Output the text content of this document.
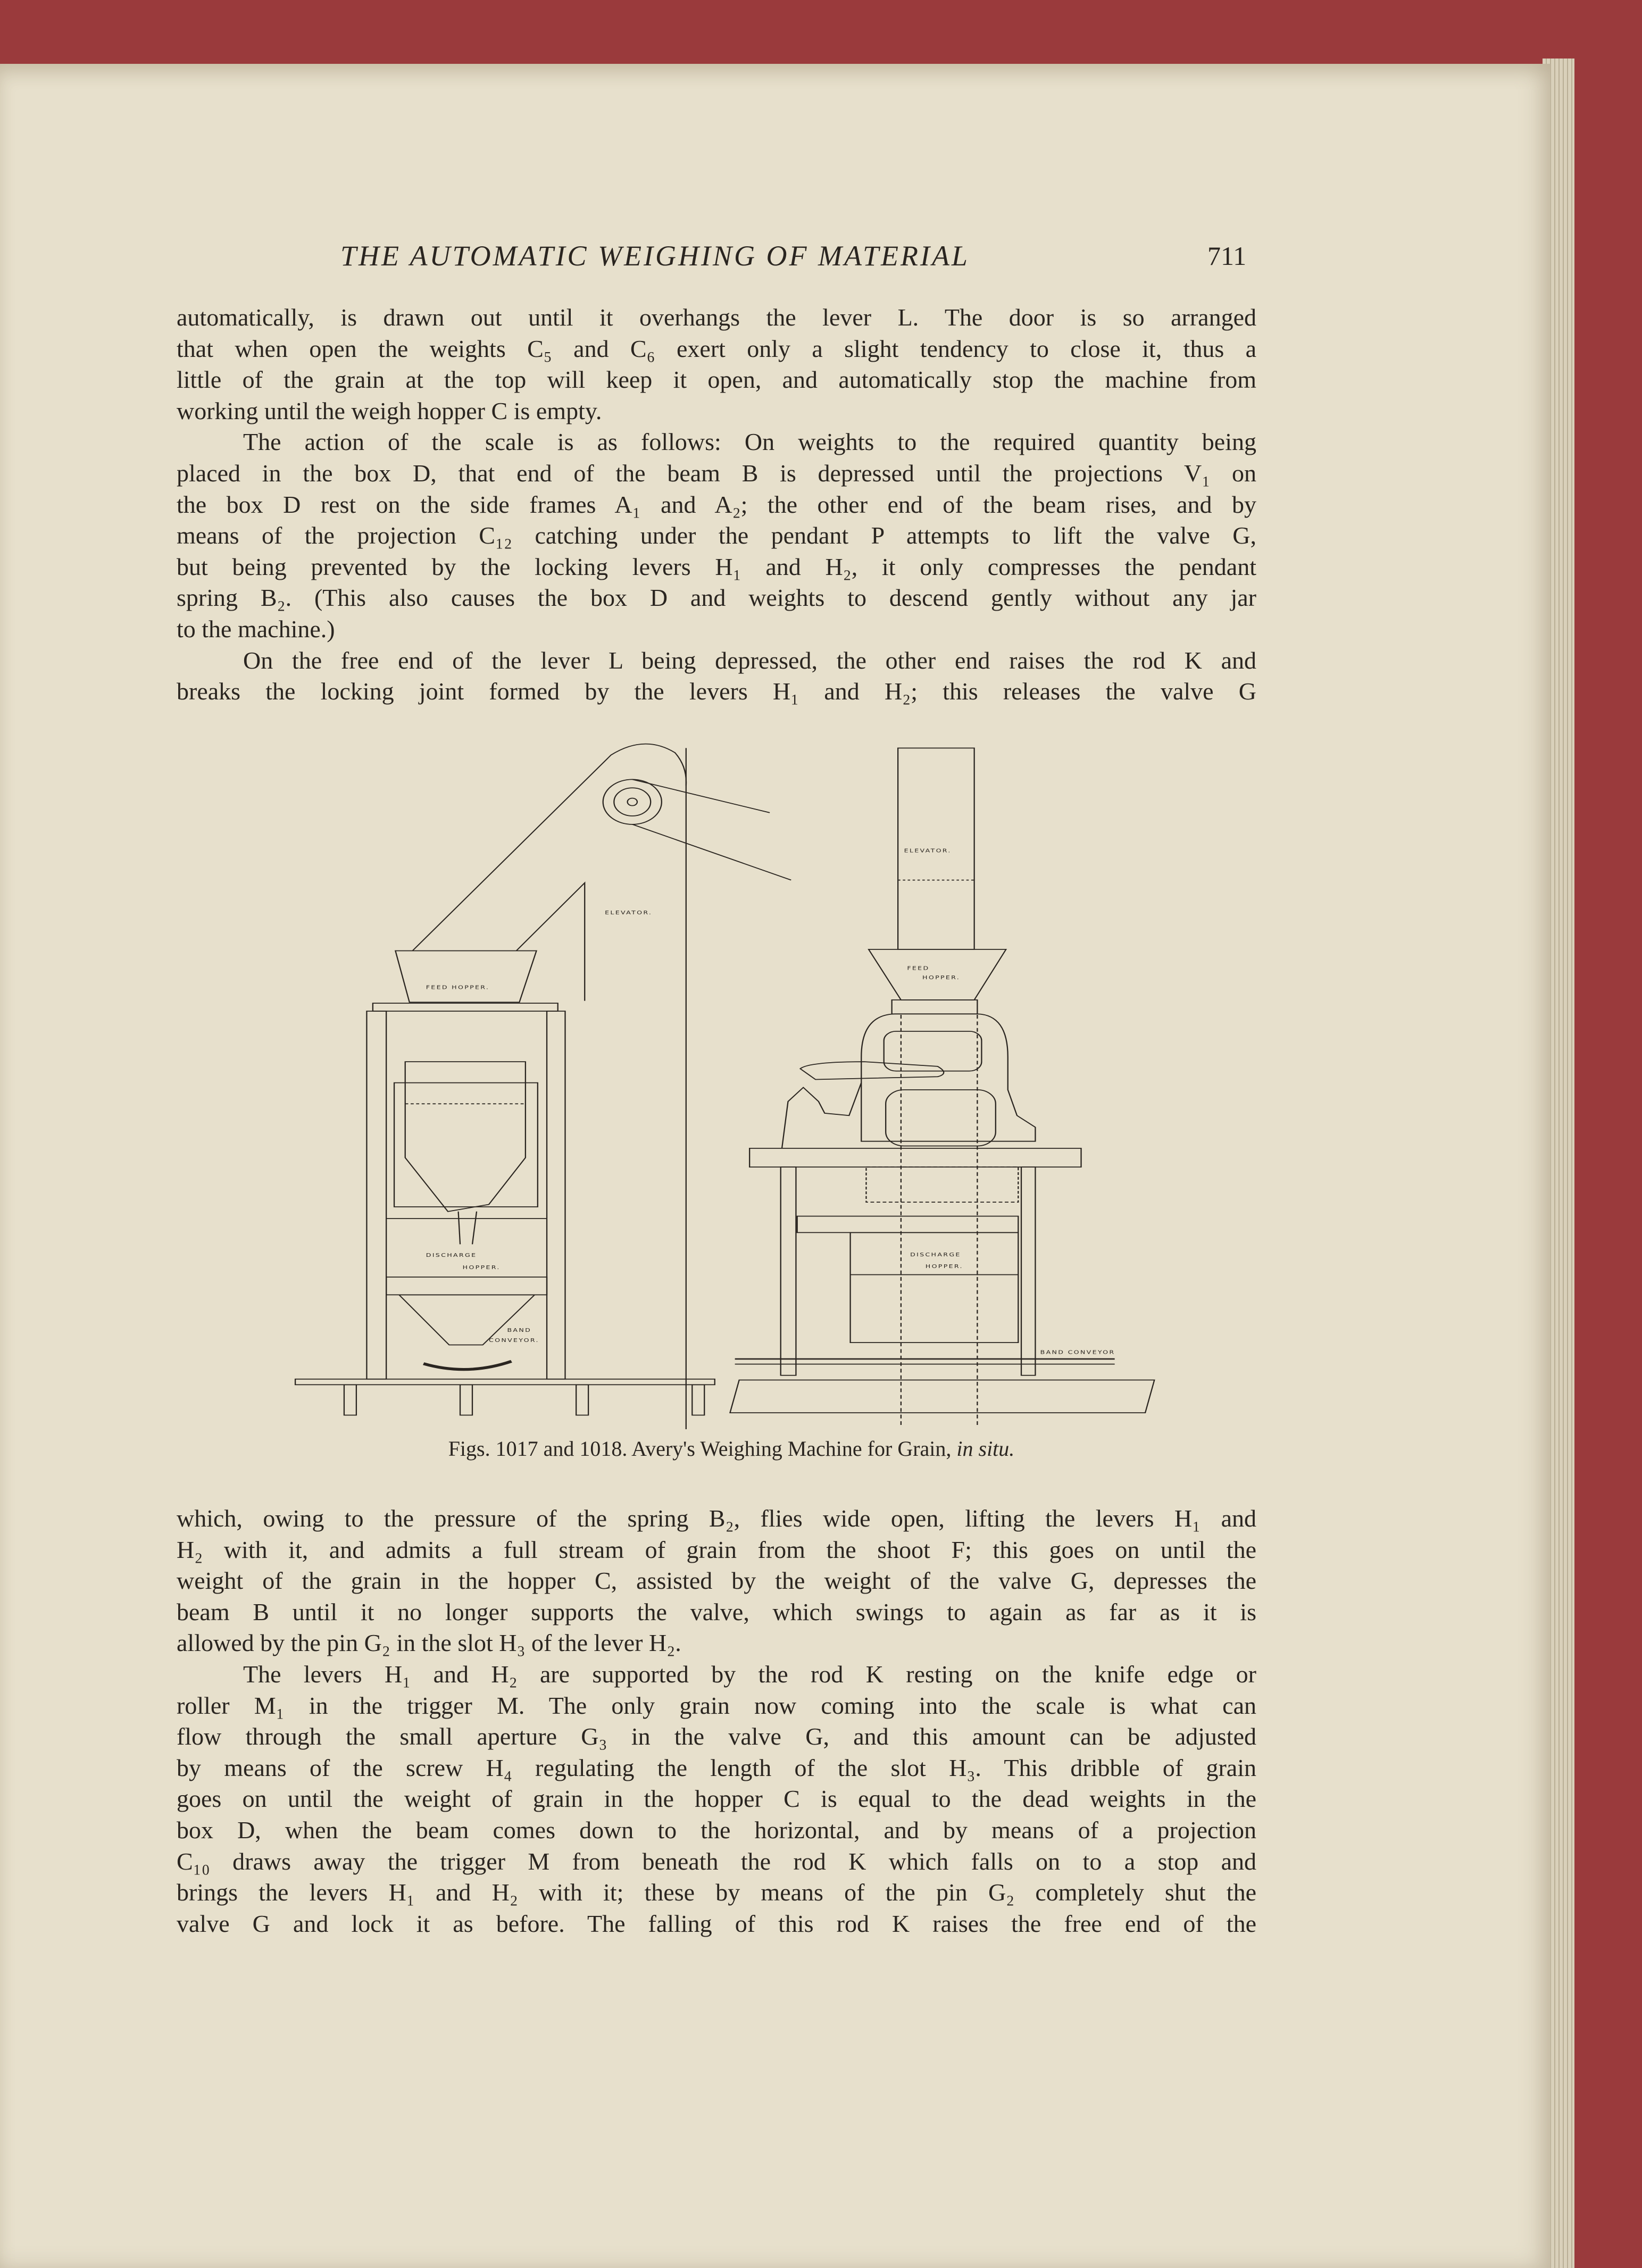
THE AUTOMATIC WEIGHING OF MATERIAL	711
automatically, is drawn out until it overhangs the lever L. The door is so arranged
that when open the weights C₅ and C₆ exert only a slight tendency to close it, thus a
little of the grain at the top will keep it open, and automatically stop the machine from
working until the weigh hopper C is empty.
The action of the scale is as follows: On weights to the required quantity being
placed in the box D, that end of the beam B is depressed until the projections V₁ on
the box D rest on the side frames A₁ and A₂; the other end of the beam rises, and by
means of the projection C₁₂ catching under the pendant P attempts to lift the valve G,
but being prevented by the locking levers H₁ and H₂, it only compresses the pendant
spring B₂. (This also causes the box D and weights to descend gently without any jar
to the machine.)
On the free end of the lever L being depressed, the other end raises the rod K and
breaks the locking joint formed by the levers H₁ and H₂; this releases the valve G
ELEVATOR.
FEED HOPPER.
DISCHARGE
HOPPER.
BAND
CONVEYOR.
ELEVATOR.
FEED
HOPPER.
DISCHARGE
HOPPER.
BAND CONVEYOR
Figs. 1017 and 1018. Avery's Weighing Machine for Grain, in situ.
which, owing to the pressure of the spring B₂, flies wide open, lifting the levers H₁ and
H₂ with it, and admits a full stream of grain from the shoot F; this goes on until the
weight of the grain in the hopper C, assisted by the weight of the valve G, depresses the
beam B until it no longer supports the valve, which swings to again as far as it is
allowed by the pin G₂ in the slot H₃ of the lever H₂.
The levers H₁ and H₂ are supported by the rod K resting on the knife edge or
roller M₁ in the trigger M. The only grain now coming into the scale is what can
flow through the small aperture G₃ in the valve G, and this amount can be adjusted
by means of the screw H₄ regulating the length of the slot H₃. This dribble of grain
goes on until the weight of grain in the hopper C is equal to the dead weights in the
box D, when the beam comes down to the horizontal, and by means of a projection
C₁₀ draws away the trigger M from beneath the rod K which falls on to a stop and
brings the levers H₁ and H₂ with it; these by means of the pin G₂ completely shut the
valve G and lock it as before. The falling of this rod K raises the free end of the
